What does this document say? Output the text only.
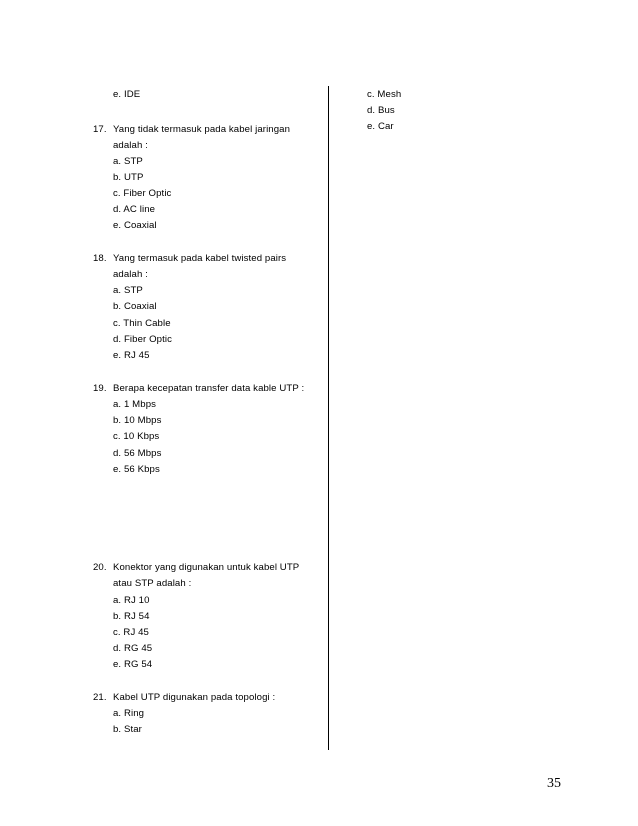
e. IDE
17. Yang tidak termasuk pada kabel jaringan
adalah :
a. STP
b. UTP
c. Fiber Optic
d. AC line
e. Coaxial
18. Yang termasuk pada kabel twisted pairs
adalah :
a. STP
b. Coaxial
c. Thin Cable
d. Fiber Optic
e. RJ 45
19. Berapa kecepatan transfer data kable UTP :
a. 1 Mbps
b. 10 Mbps
c. 10 Kbps
d. 56 Mbps
e. 56 Kbps
20. Konektor yang digunakan untuk kabel UTP
atau STP adalah :
a. RJ 10
b. RJ 54
c. RJ 45
d. RG 45
e. RG 54
21. Kabel UTP digunakan pada topologi :
a. Ring
b. Star
c. Mesh
d. Bus
e. Car
35
